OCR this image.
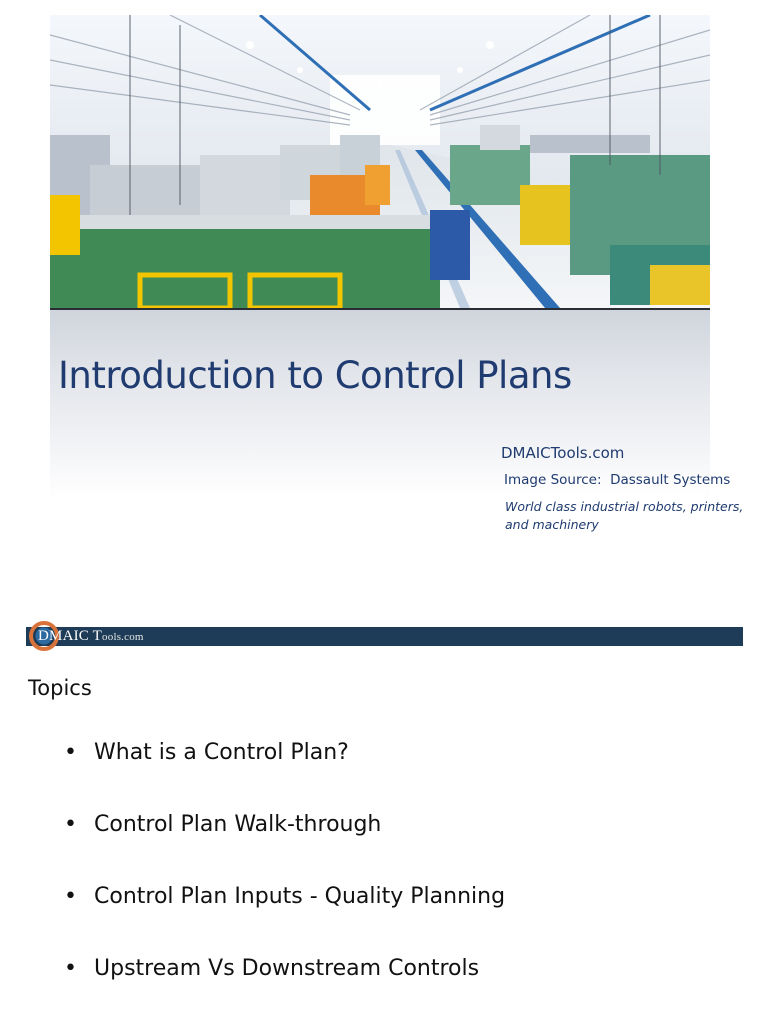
Introduction to Control Plans
DMAICTools.com
Image Source:  Dassault Systems
World class industrial robots, printers, and machinery
DMAIC Tools.com
Topics
• What is a Control Plan?
• Control Plan Walk-through
• Control Plan Inputs - Quality Planning
• Upstream Vs Downstream Controls
